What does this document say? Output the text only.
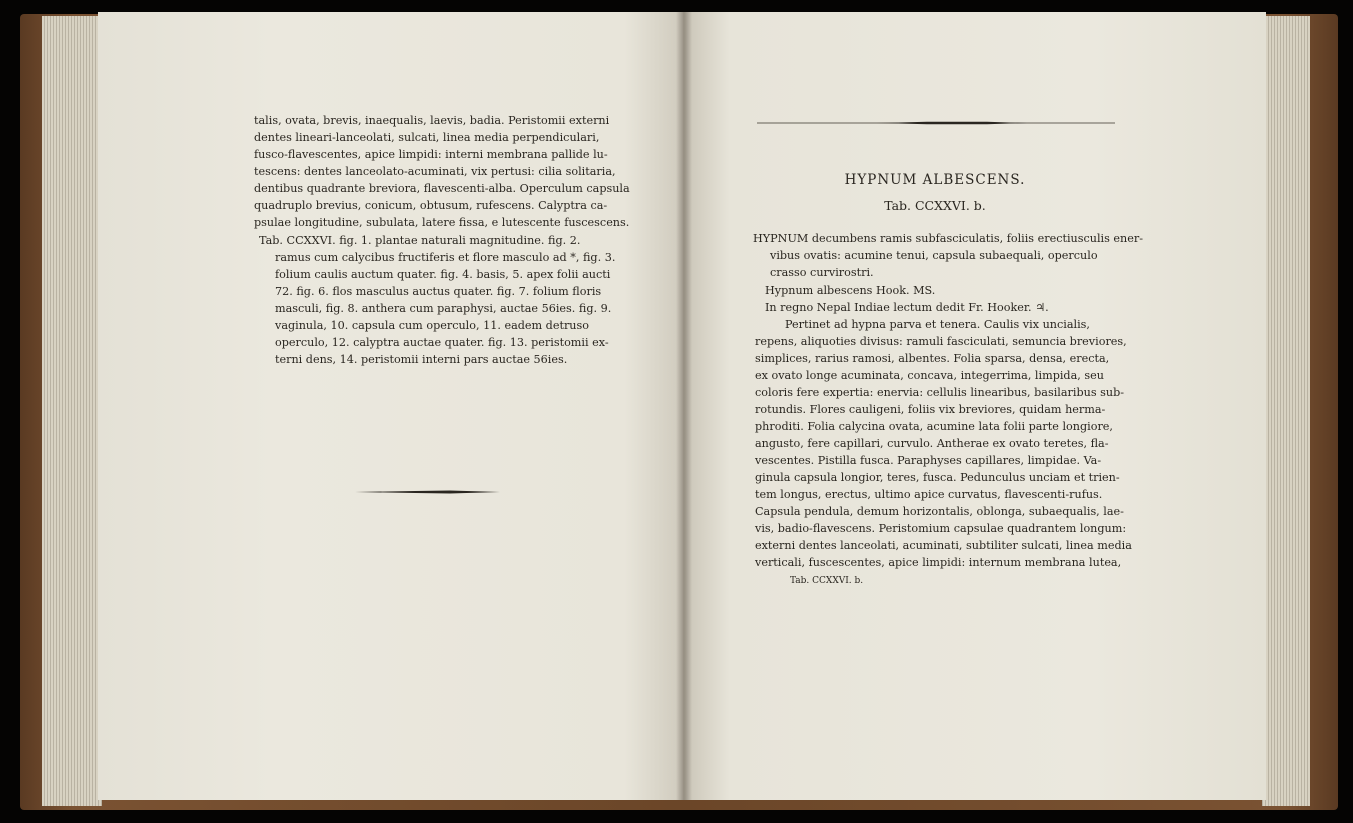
talis, ovata, brevis, inaequalis, laevis, badia. Peristomii externi
dentes lineari-lanceolati, sulcati, linea media perpendiculari,
fusco-flavescentes, apice limpidi: interni membrana pallide lu-
tescens: dentes lanceolato-acuminati, vix pertusi: cilia solitaria,
dentibus quadrante breviora, flavescenti-alba. Operculum capsula
quadruplo brevius, conicum, obtusum, rufescens. Calyptra ca-
psulae longitudine, subulata, latere fissa, e lutescente fuscescens.
Tab. CCXXVI. fig. 1. plantae naturali magnitudine. fig. 2.
ramus cum calycibus fructiferis et flore masculo ad *, fig. 3.
folium caulis auctum quater. fig. 4. basis, 5. apex folii aucti
72. fig. 6. flos masculus auctus quater. fig. 7. folium floris
masculi, fig. 8. anthera cum paraphysi, auctae 56ies. fig. 9.
vaginula, 10. capsula cum operculo, 11. eadem detruso
operculo, 12. calyptra auctae quater. fig. 13. peristomii ex-
terni dens, 14. peristomii interni pars auctae 56ies.
HYPNUM ALBESCENS.
Tab. CCXXVI. b.
HYPNUM decumbens ramis subfasciculatis, foliis erectiusculis ener-
vibus ovatis: acumine tenui, capsula subaequali, operculo
crasso curvirostri.
Hypnum albescens Hook. MS.
In regno Nepal Indiae lectum dedit Fr. Hooker. ♃.
Pertinet ad hypna parva et tenera. Caulis vix uncialis,
repens, aliquoties divisus: ramuli fasciculati, semuncia breviores,
simplices, rarius ramosi, albentes. Folia sparsa, densa, erecta,
ex ovato longe acuminata, concava, integerrima, limpida, seu
coloris fere expertia: enervia: cellulis linearibus, basilaribus sub-
rotundis. Flores cauligeni, foliis vix breviores, quidam herma-
phroditi. Folia calycina ovata, acumine lata folii parte longiore,
angusto, fere capillari, curvulo. Antherae ex ovato teretes, fla-
vescentes. Pistilla fusca. Paraphyses capillares, limpidae. Va-
ginula capsula longior, teres, fusca. Pedunculus unciam et trien-
tem longus, erectus, ultimo apice curvatus, flavescenti-rufus.
Capsula pendula, demum horizontalis, oblonga, subaequalis, lae-
vis, badio-flavescens. Peristomium capsulae quadrantem longum:
externi dentes lanceolati, acuminati, subtiliter sulcati, linea media
verticali, fuscescentes, apice limpidi: internum membrana lutea,
Tab. CCXXVI. b.
